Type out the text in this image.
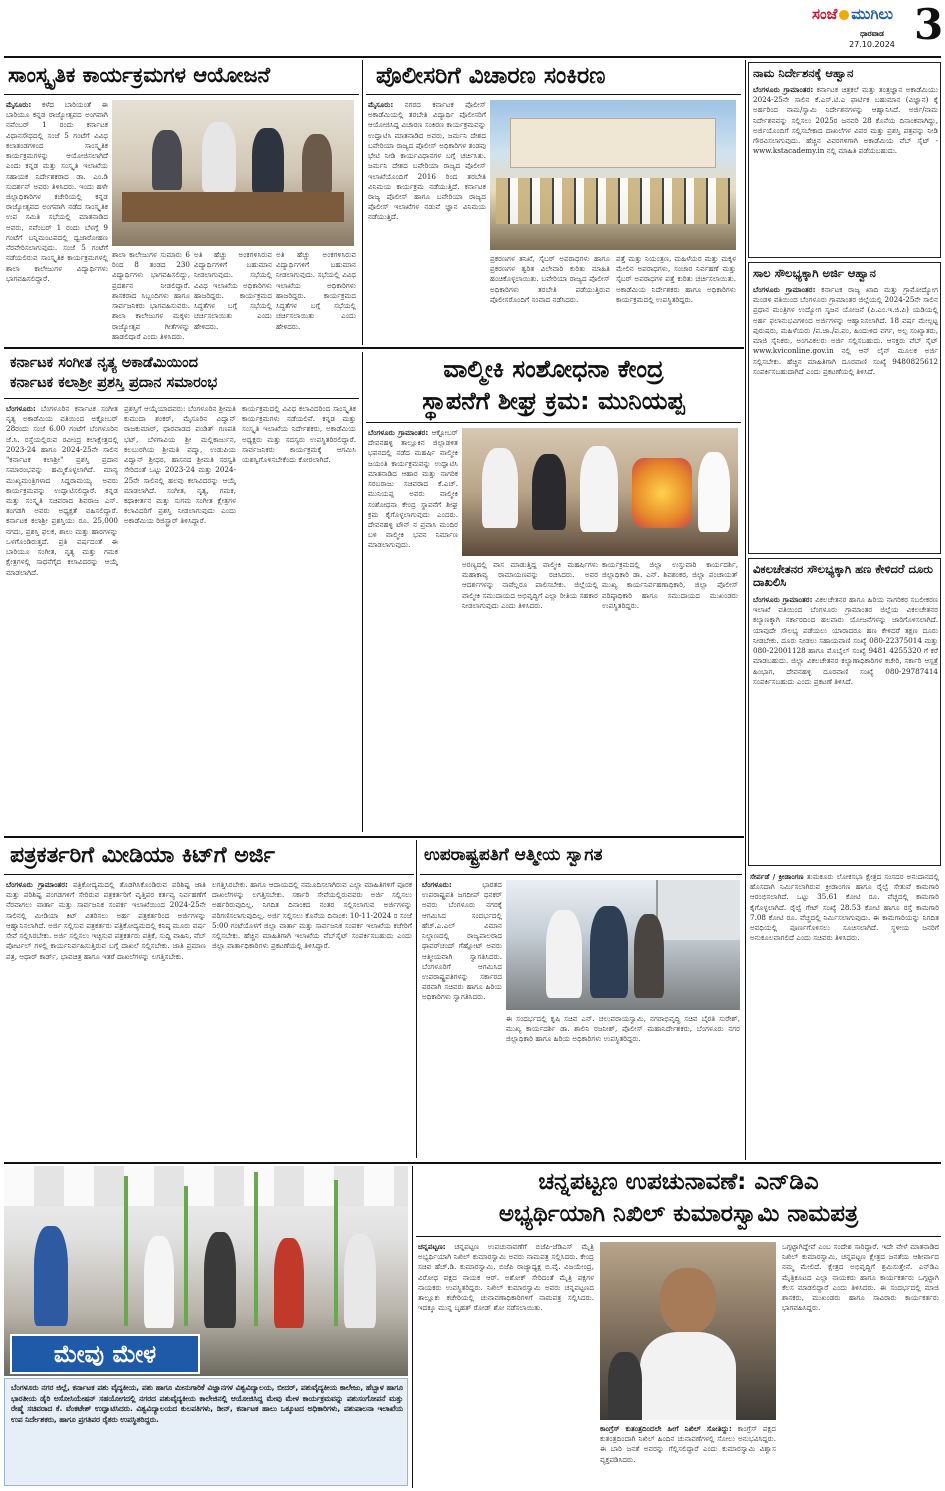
ಸಂಜೆ ಮುಗಿಲು
ಧಾರವಾಡ
27.10.2024 3
ಸಾಂಸ್ಕೃತಿಕ ಕಾರ್ಯಕ್ರಮಗಳ ಆಯೋಜನೆ
ಮೈಸೂರು: ಕಳೆದ ಬಾರಿಯಂತೆ ಈ ಬಾರಿಯೂ ಕನ್ನಡ ರಾಜ್ಯೋತ್ಸವದ ಅಂಗವಾಗಿ ನವೆಂಬರ್ 1 ರಂದು ಕರ್ನಾಟಕ ವಿಧಾನಸೌಧದಲ್ಲಿ ಸಂಜೆ 5 ಗಂಟೆಗೆ ವಿವಿಧ ಕಲಾತಂಡಗಳಿಂದ ಸಾಂಸ್ಕೃತಿಕ ಕಾರ್ಯಕ್ರಮಗಳನ್ನು ಆಯೋಜಿಸಲಾಗಿದೆ ಎಂದು ಕನ್ನಡ ಮತ್ತು ಸಂಸ್ಕೃತಿ ಇಲಾಖೆಯ ಸಹಾಯಕ ನಿರ್ದೇಶಕರಾದ ಡಾ. ಎಂ.ಡಿ ಸುದರ್ಶನ್ ಅವರು ತಿಳಿಸಿದರು. ಇಂದು ಹಳೇ ಜಿಲ್ಲಾಧಿಕಾರಿಗಳ ಕಚೇರಿಯಲ್ಲಿ ಕನ್ನಡ ರಾಜ್ಯೋತ್ಸವದ ಅಂಗವಾಗಿ ನಡೆದ ಸಾಂಸ್ಕೃತಿಕ ಉಪ ಸಮಿತಿ ಸಭೆಯಲ್ಲಿ ಮಾತನಾಡಿದ ಅವರು, ನವೆಂಬರ್ 1 ರಂದು ಬೆಳಗ್ಗೆ 9 ಗಂಟೆಗೆ ಬನ್ನಿಮಂಟಪದಲ್ಲಿ ಧ್ವಜಾರೋಹಣ ನೆರವೇರಿಸಲಾಗುವುದು. ಸಂಜೆ 5 ಗಂಟೆಗೆ ನಡೆಯಲಿರುವ ಸಾಂಸ್ಕೃತಿಕ ಕಾರ್ಯಕ್ರಮಗಳಲ್ಲಿ ಶಾಲಾ ಕಾಲೇಜುಗಳ ವಿದ್ಯಾರ್ಥಿಗಳು ಭಾಗವಹಿಸಲಿದ್ದಾರೆ.
ಶಾಲಾ ಕಾಲೇಜುಗಳ ಸುಮಾರು 6 ರಿಂದ 8 ತಂಡದ 230 ವಿದ್ಯಾರ್ಥಿಗಳು ಭಾಗವಹಿಸಲಿದ್ದು, ಪ್ರದರ್ಶನ ನೀಡಲಿದ್ದಾರೆ. ಶಾಸಕರಾದ ಸಿಬ್ಬಂದಿಗಳು ಹಾಗೂ ಸಾರ್ವಜನಿಕರು ಭಾಗವಹಿಸುವರು. ಶಾಲಾ ಕಾಲೇಜುಗಳ ಮಕ್ಕಳು ರಾಜ್ಯೋತ್ಸವ ಗೀತೆಗಳನ್ನು ಹಾಡಲಿದ್ದಾರೆ ಎಂದು ತಿಳಿಸಿದರು.
ಅತಿ ಹೆಚ್ಚು ಅಂಕಗಳಿಸಿರುವ ವಿದ್ಯಾರ್ಥಿಗಳಿಗೆ ಬಹುಮಾನ ನೀಡಲಾಗುವುದು. ಸಭೆಯಲ್ಲಿ ವಿವಿಧ ಇಲಾಖೆಯ ಅಧಿಕಾರಿಗಳು ಹಾಜರಿದ್ದರು. ಕಾರ್ಯಕ್ರಮದ ಸಿದ್ಧತೆಗಳ ಬಗ್ಗೆ ಸಭೆಯಲ್ಲಿ ಚರ್ಚಿಸಲಾಯಿತು ಎಂದು ಹೇಳಿದರು.
ಅತಿ ಹೆಚ್ಚು ಅಂಕಗಳಿಸಿರುವ ವಿದ್ಯಾರ್ಥಿಗಳಿಗೆ ಬಹುಮಾನ ನೀಡಲಾಗುವುದು. ಸಭೆಯಲ್ಲಿ ವಿವಿಧ ಇಲಾಖೆಯ ಅಧಿಕಾರಿಗಳು ಹಾಜರಿದ್ದರು. ಕಾರ್ಯಕ್ರಮದ ಸಿದ್ಧತೆಗಳ ಬಗ್ಗೆ ಸಭೆಯಲ್ಲಿ ಚರ್ಚಿಸಲಾಯಿತು ಎಂದು ಹೇಳಿದರು.
ಪೊಲೀಸರಿಗೆ ವಿಚಾರಣ ಸಂಕಿರಣ
ಮೈಸೂರು: ನಗರದ ಕರ್ನಾಟಕ ಪೊಲೀಸ್ ಅಕಾಡೆಮಿಯಲ್ಲಿ ತರಬೇತಿ ವಿದ್ಯಾರ್ಥಿ ಪೊಲೀಸರಿಗೆ ಆಯೋಜಿಸಿದ್ದ ವಿಚಾರಣ ಸಂಕಿರಣ ಕಾರ್ಯಕ್ರಮವನ್ನು ಉದ್ಘಾಟಿಸಿ ಮಾತನಾಡಿದ ಅವರು, ಜರ್ಮನಿ ದೇಶದ ಬವೇರಿಯಾ ರಾಜ್ಯದ ಪೊಲೀಸ್ ಅಧಿಕಾರಿಗಳ ತಂಡವು ಭೇಟಿ ನೀಡಿ ಕಾರ್ಯವಿಧಾನಗಳ ಬಗ್ಗೆ ಚರ್ಚಿಸಿತು. ಜರ್ಮನಿ ದೇಶದ ಬವೇರಿಯಾ ರಾಜ್ಯದ ಪೊಲೀಸ್ ಇಲಾಖೆಯೊಂದಿಗೆ 2016 ರಿಂದ ತರಬೇತಿ ವಿನಿಮಯ ಕಾರ್ಯಕ್ರಮ ನಡೆಯುತ್ತಿದೆ. ಕರ್ನಾಟಕ ರಾಜ್ಯ ಪೊಲೀಸ್ ಹಾಗೂ ಬವೇರಿಯಾ ರಾಜ್ಯದ ಪೊಲೀಸ್ ಇಲಾಖೆಗಳ ನಡುವೆ ಜ್ಞಾನ ವಿನಿಮಯ ನಡೆಯುತ್ತಿದೆ.
ಪ್ರಕರಣಗಳ ತನಿಖೆ, ಸೈಬರ್ ಅಪರಾಧಗಳು ಹಾಗೂ ಪ್ರಕರಣಗಳ ತ್ವರಿತ ವಿಲೇವಾರಿ ಕುರಿತು ಮಾಹಿತಿ ಹಂಚಿಕೊಳ್ಳಲಾಯಿತು. ಬವೇರಿಯಾ ರಾಜ್ಯದ ಪೊಲೀಸ್ ಅಧಿಕಾರಿಗಳು ತರಬೇತಿ ಪಡೆಯುತ್ತಿರುವ ಪೊಲೀಸರೊಂದಿಗೆ ಸಂವಾದ ನಡೆಸಿದರು.
ಪತ್ತೆ ಮತ್ತು ನಿಯಂತ್ರಣ, ಮಹಿಳೆಯರ ಮತ್ತು ಮಕ್ಕಳ ಮೇಲಿನ ಅಪರಾಧಗಳು, ಸಂಚಾರ ನಿರ್ವಹಣೆ ಮತ್ತು ಸೈಬರ್ ಅಪರಾಧಗಳ ಪತ್ತೆ ಕುರಿತು ಚರ್ಚಿಸಲಾಯಿತು. ಅಕಾಡೆಮಿಯ ನಿರ್ದೇಶಕರು ಹಾಗೂ ಅಧಿಕಾರಿಗಳು ಕಾರ್ಯಕ್ರಮದಲ್ಲಿ ಉಪಸ್ಥಿತರಿದ್ದರು.
ನಾಮ ನಿರ್ದೇಶನಕ್ಕೆ ಆಹ್ವಾನ
ಬೆಂಗಳೂರು ಗ್ರಾಮಾಂತರ: ಕರ್ನಾಟಕ ಚಿತ್ರಕಲೆ ಮತ್ತು ತಂತ್ರಜ್ಞಾನ ಅಕಾಡೆಮಿಯು 2024-25ನೇ ಸಾಲಿನ ಕೆ.ಎಸ್.ಟಿ.ಎ ಫಾರ್ಟಿಕ ಬಹುಮಾನ (ವಿಜ್ಞಾನ) ಕ್ಕೆ ಅರ್ಹರಿಂದ ನಾಮ/ಸ್ವಾಮಿ ನಿರ್ದೇಶನಗಳನ್ನು ಆಹ್ವಾನಿಸಿದೆ. ಅರ್ಜಿ/ನಾಮ ನಿರ್ದೇಶನವನ್ನು ಸಲ್ಲಿಸಲು 2025ರ ಜನವರಿ 28 ಕೊನೆಯ ದಿನಾಂಕವಾಗಿದ್ದು, ಅರ್ಜಿಯೊಂದಿಗೆ ಸಲ್ಲಿಸಬೇಕಾದ ದಾಖಲೆಗಳ ವಿವರ ಮತ್ತು ಪ್ರಶಸ್ತಿ ಪತ್ರವನ್ನು ನೀಡಿ ಗೌರವಿಸಲಾಗುವುದು. ಹೆಚ್ಚಿನ ವಿವರಗಳಿಗಾಗಿ ಅಕಾಡೆಮಿಯ ವೆಬ್ ಸೈಟ್ - www.kstacademy.in ನಲ್ಲಿ ಮಾಹಿತಿ ಪಡೆಯಬಹುದು.
ಸಾಲ ಸೌಲಭ್ಯಕ್ಕಾಗಿ ಅರ್ಜಿ ಆಹ್ವಾನ
ಬೆಂಗಳೂರು ಗ್ರಾಮಾಂತರ: ಕರ್ನಾಟಕ ರಾಜ್ಯ ಖಾದಿ ಮತ್ತು ಗ್ರಾಮೋದ್ಯೋಗ ಮಂಡಳಿ ವತಿಯಿಂದ ಬೆಂಗಳೂರು ಗ್ರಾಮಾಂತರ ಜಿಲ್ಲೆಯಲ್ಲಿ 2024-25ನೇ ಸಾಲಿನ ಪ್ರಧಾನ ಮಂತ್ರಿಗಳ ಉದ್ಯೋಗ ಸೃಜನ ಯೋಜನೆ (ಪಿ.ಎಂ.ಇ.ಜಿ.ಪಿ) ಯಡಿಯಲ್ಲಿ ಅರ್ಹ ಫಲಾನುಭವಿಗಳಿಂದ ಅರ್ಜಿಗಳನ್ನು ಆಹ್ವಾನಿಸಲಾಗಿದೆ. 18 ವರ್ಷ ಮೇಲ್ಪಟ್ಟ ಪುರುಷರು, ಮಹಿಳೆಯರು /ಪ.ಜಾ./ಪ.ಪಂ, ಹಿಂದುಳಿದ ವರ್ಗ, ಅಲ್ಪ ಸಂಖ್ಯಾತರು, ಮಾಜಿ ಸೈನಿಕರು, ಅಂಗವಿಕಲರು ಅರ್ಜಿ ಸಲ್ಲಿಸಬಹುದು. ಆಸಕ್ತರು ವೆಬ್ ಸೈಟ್ www.kviconline.gov.in ನಲ್ಲಿ ಆನ್ ಲೈನ್ ಮೂಲಕ ಅರ್ಜಿ ಸಲ್ಲಿಸಬೇಕು. ಹೆಚ್ಚಿನ ಮಾಹಿತಿಗಾಗಿ ದೂರವಾಣಿ ಸಂಖ್ಯೆ 9480825612 ಸಂಪರ್ಕಿಸಬಹುದಾಗಿದೆ ಎಂದು ಪ್ರಕಟಣೆಯಲ್ಲಿ ತಿಳಿಸಿದೆ.
ವಿಕಲಚೇತನರ ಸೌಲಭ್ಯಕ್ಕಾಗಿ ಹಣ ಕೇಳಿದರೆ ದೂರು ದಾಖಲಿಸಿ
ಬೆಂಗಳೂರು ಗ್ರಾಮಾಂತರ: ವಿಕಲಚೇತನರ ಹಾಗೂ ಹಿರಿಯ ನಾಗರಿಕರ ಸಬಲೀಕರಣ ಇಲಾಖೆ ವತಿಯಿಂದ ಬೆಂಗಳೂರು ಗ್ರಾಮಾಂತರ ಜಿಲ್ಲೆಯ ವಿಕಲಚೇತನರ ಕಲ್ಯಾಣಕ್ಕಾಗಿ ಸರ್ಕಾರದಿಂದ ಹಲವಾರು ಯೋಜನೆಗಳನ್ನು ಜಾರಿಗೊಳಿಸಲಾಗಿದೆ. ಯಾವುದೇ ಸೌಲಭ್ಯ ಪಡೆಯಲು ಯಾರಾದರೂ ಹಣ ಕೇಳಿದರೆ ತಕ್ಷಣ ದೂರು ನೀಡಬೇಕು. ದೂರು ನೀಡಲು ಸಹಾಯವಾಣಿ ಸಂಖ್ಯೆ 080-22375014 ಮತ್ತು 080-22001128 ಹಾಗೂ ಮೊಬೈಲ್ ಸಂಖ್ಯೆ 9481 4255320 ಗೆ ಕರೆ ಮಾಡಬಹುದು. ಜಿಲ್ಲಾ ವಿಕಲಚೇತನರ ಕಲ್ಯಾಣಾಧಿಕಾರಿಗಳ ಕಚೇರಿ, ಸರ್ಕಾರಿ ಆಸ್ಪತ್ರೆ ಹಿಂಭಾಗ, ದೇವನಹಳ್ಳಿ ದೂರವಾಣಿ ಸಂಖ್ಯೆ 080-29787414 ಸಂಪರ್ಕಿಸಬಹುದು ಎಂದು ಪ್ರಕಟಣೆ ತಿಳಿಸಿದೆ.
ಸೇರ್ಪಡೆ / ಕ್ರೀಡಾಂಗಣ ತುಮಕೂರು ಲೋಕಸಭಾ ಕ್ಷೇತ್ರದ ಸಂಸದರ ಅನುದಾನದಲ್ಲಿ ಹೊಸದಾಗಿ ನಿರ್ಮಿಸಲಾಗಿರುವ ಕ್ರೀಡಾಂಗಣ ಹಾಗೂ ರೈಲ್ವೆ ಸೇತುವೆ ಕಾಮಗಾರಿ ಆರಂಭಿಸಲಾಗಿದೆ. ಒಟ್ಟು 35.61 ಕೋಟಿ ರೂ. ವೆಚ್ಚದಲ್ಲಿ ಕಾಮಗಾರಿ ಕೈಗೊಳ್ಳಲಾಗಿದೆ. ರೈಲ್ವೆ ಗೇಟ್ ಸಂಖ್ಯೆ 28.53 ಕೋಟಿ ಹಾಗೂ ರಸ್ತೆ ಕಾಮಗಾರಿ 7.08 ಕೋಟಿ ರೂ. ವೆಚ್ಚದಲ್ಲಿ ನಿರ್ಮಿಸಲಾಗುವುದು. ಈ ಕಾಮಗಾರಿಯನ್ನು ನಿಗದಿತ ಅವಧಿಯಲ್ಲಿ ಪೂರ್ಣಗೊಳಿಸಲು ಸೂಚಿಸಲಾಗಿದೆ. ಸ್ಥಳೀಯ ಜನರಿಗೆ ಅನುಕೂಲವಾಗಲಿದೆ ಎಂದು ಸಚಿವರು ತಿಳಿಸಿದರು.
ಕರ್ನಾಟಕ ಸಂಗೀತ ನೃತ್ಯ ಅಕಾಡೆಮಿಯಿಂದ
ಕರ್ನಾಟಕ ಕಲಾಶ್ರೀ ಪ್ರಶಸ್ತಿ ಪ್ರದಾನ ಸಮಾರಂಭ
ಬೆಂಗಳೂರು: ಬೆಂಗಳೂರಿನ ಕರ್ನಾಟಕ ಸಂಗೀತ ನೃತ್ಯ ಅಕಾಡೆಮಿಯ ವತಿಯಿಂದ ಅಕ್ಟೋಬರ್ 28ರಂದು ಸಂಜೆ 6.00 ಗಂಟೆಗೆ ಬೆಂಗಳೂರಿನ ಜೆ.ಸಿ. ರಸ್ತೆಯಲ್ಲಿರುವ ರವೀಂದ್ರ ಕಲಾಕ್ಷೇತ್ರದಲ್ಲಿ 2023-24 ಹಾಗೂ 2024-25ನೇ ಸಾಲಿನ "ಕರ್ನಾಟಕ ಕಲಾಶ್ರೀ" ಪ್ರಶಸ್ತಿ ಪ್ರದಾನ ಸಮಾರಂಭವನ್ನು ಹಮ್ಮಿಕೊಳ್ಳಲಾಗಿದೆ. ಮಾನ್ಯ ಮುಖ್ಯಮಂತ್ರಿಗಳಾದ ಸಿದ್ದರಾಮಯ್ಯ ಅವರು ಕಾರ್ಯಕ್ರಮವನ್ನು ಉದ್ಘಾಟಿಸಲಿದ್ದಾರೆ. ಕನ್ನಡ ಮತ್ತು ಸಂಸ್ಕೃತಿ ಸಚಿವರಾದ ಶಿವರಾಜ ಎಸ್. ತಂಗಡಗಿ ಅವರು ಅಧ್ಯಕ್ಷತೆ ವಹಿಸಲಿದ್ದಾರೆ. ಕರ್ನಾಟಕ ಕಲಾಶ್ರೀ ಪ್ರಶಸ್ತಿಯು ರೂ. 25,000 ನಗದು, ಪ್ರಶಸ್ತಿ ಫಲಕ, ಶಾಲು ಮತ್ತು ಹಾರಗಳನ್ನು ಒಳಗೊಂಡಿರುತ್ತದೆ. ಪ್ರತಿ ವರ್ಷದಂತೆ ಈ ಬಾರಿಯೂ ಸಂಗೀತ, ನೃತ್ಯ ಮತ್ತು ಗಮಕ ಕ್ಷೇತ್ರಗಳಲ್ಲಿ ಸಾಧನೆಗೈದ ಕಲಾವಿದರನ್ನು ಆಯ್ಕೆ ಮಾಡಲಾಗಿದೆ.
ಪ್ರಶಸ್ತಿಗೆ ಆಯ್ಕೆಯಾದವರು: ಬೆಂಗಳೂರಿನ ಶ್ರೀಮತಿ ಕುಮುದಾ ಶಂಕರ್, ಮೈಸೂರಿನ ವಿದ್ವಾನ್ ರಾಜಕುಮಾರ್, ಧಾರವಾಡದ ಪಂಡಿತ್ ಗಣಪತಿ ಭಟ್, ಬೆಳಗಾವಿಯ ಶ್ರೀ ಮಲ್ಲಿಕಾರ್ಜುನ, ಕಲಬುರಗಿಯ ಶ್ರೀಮತಿ ಪದ್ಮಾ, ಉಡುಪಿಯ ವಿದ್ವಾನ್ ಶ್ರೀಧರ, ಹಾಸನದ ಶ್ರೀಮತಿ ಸರಸ್ವತಿ ಸೇರಿದಂತೆ ಒಟ್ಟು 2023-24 ಮತ್ತು 2024-25ನೇ ಸಾಲಿನಲ್ಲಿ ಹಲವು ಕಲಾವಿದರನ್ನು ಆಯ್ಕೆ ಮಾಡಲಾಗಿದೆ. ಸಂಗೀತ, ನೃತ್ಯ, ಗಮಕ, ಕಥಾಕೀರ್ತನ ಮತ್ತು ಸುಗಮ ಸಂಗೀತ ಕ್ಷೇತ್ರಗಳ ಕಲಾವಿದರಿಗೆ ಪ್ರಶಸ್ತಿ ನೀಡಲಾಗುವುದು ಎಂದು ಅಕಾಡೆಮಿಯ ರಿಜಿಸ್ಟ್ರಾರ್ ತಿಳಿಸಿದ್ದಾರೆ.
ಕಾರ್ಯಕ್ರಮದಲ್ಲಿ ವಿವಿಧ ಕಲಾವಿದರಿಂದ ಸಾಂಸ್ಕೃತಿಕ ಕಾರ್ಯಕ್ರಮಗಳು ನಡೆಯಲಿವೆ. ಕನ್ನಡ ಮತ್ತು ಸಂಸ್ಕೃತಿ ಇಲಾಖೆಯ ನಿರ್ದೇಶಕರು, ಅಕಾಡೆಮಿಯ ಅಧ್ಯಕ್ಷರು ಮತ್ತು ಸದಸ್ಯರು ಉಪಸ್ಥಿತರಿರಲಿದ್ದಾರೆ. ಸಾರ್ವಜನಿಕರು ಕಾರ್ಯಕ್ರಮಕ್ಕೆ ಆಗಮಿಸಿ ಯಶಸ್ವಿಗೊಳಿಸಬೇಕೆಂದು ಕೋರಲಾಗಿದೆ.
ವಾಲ್ಮೀಕಿ ಸಂಶೋಧನಾ ಕೇಂದ್ರ
ಸ್ಥಾಪನೆಗೆ ಶೀಘ್ರ ಕ್ರಮ: ಮುನಿಯಪ್ಪ
ಬೆಂಗಳೂರು ಗ್ರಾಮಾಂತರ: ಆಕ್ಟೋಬರ್ ದೇವನಹಳ್ಳಿ ತಾಲ್ಲೂಕಿನ ಜಿಲ್ಲಾಡಳಿತ ಭವನದಲ್ಲಿ ನಡೆದ ಮಹರ್ಷಿ ವಾಲ್ಮೀಕಿ ಜಯಂತಿ ಕಾರ್ಯಕ್ರಮವನ್ನು ಉದ್ಘಾಟಿಸಿ ಮಾತನಾಡಿದ ಆಹಾರ ಮತ್ತು ನಾಗರಿಕ ಸರಬರಾಜು ಸಚಿವರಾದ ಕೆ.ಎಚ್. ಮುನಿಯಪ್ಪ ಅವರು ವಾಲ್ಮೀಕಿ ಸಂಶೋಧನಾ ಕೇಂದ್ರ ಸ್ಥಾಪನೆಗೆ ಶೀಘ್ರ ಕ್ರಮ ಕೈಗೊಳ್ಳಲಾಗುವುದು ಎಂದರು. ದೇವನಹಳ್ಳಿ ಟೌನ್ ನ ಪ್ರವಾಸಿ ಮಂದಿರ ಬಳಿ ವಾಲ್ಮೀಕಿ ಭವನ ನಿರ್ಮಾಣ ಮಾಡಲಾಗುವುದು.
ಅರಣ್ಯದಲ್ಲಿ ವಾಸ ಮಾಡುತ್ತಿದ್ದ ವಾಲ್ಮೀಕಿ ಮಹರ್ಷಿಗಳು ಮಹಾಕಾವ್ಯ ರಾಮಾಯಣವನ್ನು ರಚಿಸಿದರು. ಅವರ ಆದರ್ಶಗಳನ್ನು ನಾವೆಲ್ಲರೂ ಪಾಲಿಸಬೇಕು. ಜಿಲ್ಲೆಯಲ್ಲಿ ವಾಲ್ಮೀಕಿ ಸಮುದಾಯದ ಅಭಿವೃದ್ಧಿಗೆ ಎಲ್ಲಾ ರೀತಿಯ ಸಹಕಾರ ನೀಡಲಾಗುವುದು ಎಂದು ತಿಳಿಸಿದರು.
ಕಾರ್ಯಕ್ರಮದಲ್ಲಿ ಜಿಲ್ಲಾ ಉಸ್ತುವಾರಿ ಕಾರ್ಯದರ್ಶಿ, ಜಿಲ್ಲಾಧಿಕಾರಿ ಡಾ. ಎನ್. ಶಿವಶಂಕರ, ಜಿಲ್ಲಾ ಪಂಚಾಯತ್ ಮುಖ್ಯ ಕಾರ್ಯನಿರ್ವಹಣಾಧಿಕಾರಿ, ಜಿಲ್ಲಾ ಪೊಲೀಸ್ ವರಿಷ್ಠಾಧಿಕಾರಿ ಹಾಗೂ ಸಮುದಾಯದ ಮುಖಂಡರು ಉಪಸ್ಥಿತರಿದ್ದರು.
ಪತ್ರಕರ್ತರಿಗೆ ಮೀಡಿಯಾ ಕಿಟ್‌ಗೆ ಅರ್ಜಿ
ಬೆಂಗಳೂರು ಗ್ರಾಮಾಂತರ: ಪತ್ರಿಕೋದ್ಯಮದಲ್ಲಿ ತೊಡಗಿಸಿಕೊಂಡಿರುವ ಪರಿಶಿಷ್ಟ ಜಾತಿ ಮತ್ತು ಪರಿಶಿಷ್ಟ ಪಂಗಡಗಳಿಗೆ ಸೇರಿರುವ ಪತ್ರಕರ್ತರಿಗೆ ವೃತ್ತಿಪರ ಕರ್ತವ್ಯ ನಿರ್ವಹಣೆಗೆ ನೆರವಾಗಲು ವಾರ್ತಾ ಮತ್ತು ಸಾರ್ವಜನಿಕ ಸಂಪರ್ಕ ಇಲಾಖೆಯಿಂದ 2024-25ನೇ ಸಾಲಿನಲ್ಲಿ ಮೀಡಿಯಾ ಕಿಟ್ ವಿತರಿಸಲು ಅರ್ಹ ಪತ್ರಕರ್ತರಿಂದ ಅರ್ಜಿಗಳನ್ನು ಆಹ್ವಾನಿಸಲಾಗಿದೆ. ಅರ್ಜಿ ಸಲ್ಲಿಸುವ ಪತ್ರಕರ್ತರು ಪತ್ರಿಕೋದ್ಯಮದಲ್ಲಿ ಕನಿಷ್ಠ ಮೂರು ವರ್ಷ ಸೇವೆ ಸಲ್ಲಿಸಿರಬೇಕು. ಅರ್ಜಿ ಸಲ್ಲಿಸಲು ಇಚ್ಛಿಸುವ ಪತ್ರಕರ್ತರು ಪತ್ರಿಕೆ, ಸುದ್ದಿ ವಾಹಿನಿ, ವೆಬ್ ಪೋರ್ಟಲ್ ಗಳಲ್ಲಿ ಕಾರ್ಯನಿರ್ವಹಿಸುತ್ತಿರುವ ಬಗ್ಗೆ ದಾಖಲೆ ಸಲ್ಲಿಸಬೇಕು. ಜಾತಿ ಪ್ರಮಾಣ ಪತ್ರ, ಆಧಾರ್ ಕಾರ್ಡ್, ಭಾವಚಿತ್ರ ಹಾಗೂ ಇತರೆ ದಾಖಲೆಗಳನ್ನು ಲಗತ್ತಿಸಬೇಕು.
ಲಗತ್ತಿಸಿರಬೇಕು. ಹಾಗೂ ಆದಾಯದಲ್ಲಿ ನಮೂದಿಸಲಾಗಿರುವ ಎಲ್ಲಾ ಮಾಹಿತಿಗಳಿಗೆ ಪೂರಕ ದಾಖಲೆಗಳನ್ನು ಲಗತ್ತಿಸಬೇಕು. ಸರ್ಕಾರಿ ಸೇವೆಯಲ್ಲಿರುವವರು ಅರ್ಜಿ ಸಲ್ಲಿಸಲು ಅರ್ಹರಿರುವುದಿಲ್ಲ. ನಿಗದಿತ ದಿನಾಂಕದ ನಂತರ ಸಲ್ಲಿಸಲಾಗುವ ಅರ್ಜಿಗಳನ್ನು ಪರಿಗಣಿಸಲಾಗುವುದಿಲ್ಲ. ಅರ್ಜಿ ಸಲ್ಲಿಸಲು ಕೊನೆಯ ದಿನಾಂಕ: 10-11-2024 ರ ಸಂಜೆ 5:00 ಗಂಟೆಯೊಳಗೆ ಜಿಲ್ಲಾ ವಾರ್ತಾ ಮತ್ತು ಸಾರ್ವಜನಿಕ ಸಂಪರ್ಕ ಇಲಾಖೆಯ ಕಚೇರಿಗೆ ಸಲ್ಲಿಸಬೇಕು. ಹೆಚ್ಚಿನ ಮಾಹಿತಿಗಾಗಿ ಇಲಾಖೆಯ ವೆಬ್‌ಸೈಟ್ ಸಂಪರ್ಕಿಸಬಹುದು ಎಂದು ಜಿಲ್ಲಾ ವಾರ್ತಾಧಿಕಾರಿಗಳು ಪ್ರಕಟಣೆಯಲ್ಲಿ ತಿಳಿಸಿದ್ದಾರೆ.
ಉಪರಾಷ್ಟ್ರಪತಿಗೆ ಆತ್ಮೀಯ ಸ್ವಾಗತ
ಬೆಂಗಳೂರು:	ಭಾರತದ ಉಪರಾಷ್ಟ್ರಪತಿ ಜಗದೀಪ್ ಧನಕರ್ ಅವರು ಬೆಂಗಳೂರು ನಗರಕ್ಕೆ ಆಗಮಿಸಿದ ಸಂದರ್ಭದಲ್ಲಿ ಹೆಚ್.ಎ.ಎಲ್ ವಿಮಾನ ನಿಲ್ದಾಣದಲ್ಲಿ ರಾಜ್ಯಪಾಲರಾದ ಥಾವರ್‌ಚಂದ್ ಗೆಹ್ಲೋಟ್ ಅವರು ಆತ್ಮೀಯವಾಗಿ ಸ್ವಾಗತಿಸಿದರು. ಬೆಂಗಳೂರಿಗೆ ಆಗಮಿಸಿದ ಉಪರಾಷ್ಟ್ರಪತಿಗಳನ್ನು ಸರ್ಕಾರದ ಪರವಾಗಿ ಸಚಿವರು ಹಾಗೂ ಹಿರಿಯ ಅಧಿಕಾರಿಗಳು ಸ್ವಾಗತಿಸಿದರು.
ಈ ಸಂದರ್ಭದಲ್ಲಿ ಕೃಷಿ ಸಚಿವ ಎನ್. ಚಲುವರಾಯಸ್ವಾಮಿ, ನಗರಾಭಿವೃದ್ಧಿ ಸಚಿವ ಬೈರತಿ ಸುರೇಶ್, ಮುಖ್ಯ ಕಾರ್ಯದರ್ಶಿ ಡಾ. ಶಾಲಿನಿ ರಜನೀಶ್, ಪೊಲೀಸ್ ಮಹಾನಿರ್ದೇಶಕರು, ಬೆಂಗಳೂರು ನಗರ ಜಿಲ್ಲಾಧಿಕಾರಿ ಹಾಗೂ ಹಿರಿಯ ಅಧಿಕಾರಿಗಳು ಉಪಸ್ಥಿತರಿದ್ದರು.
ಮೇವು ಮೇಳ
ಬೆಂಗಳೂರು ನಗರ ಜಿಲ್ಲೆ, ಕರ್ನಾಟಕ ಪಶು ವೈದ್ಯಕೀಯ, ಪಶು ಹಾಗೂ ಮೀನುಗಾರಿಕೆ ವಿಜ್ಞಾನಗಳ ವಿಶ್ವವಿದ್ಯಾಲಯ, ಬೀದರ್, ಪಶುವೈದ್ಯಕೀಯ ಕಾಲೇಜು, ಹೆಬ್ಬಾಳ ಹಾಗೂ ಭಾರತೀಯ ಡೈರಿ ಅಸೋಸಿಯೇಷನ್ ಸಹಯೋಗದಲ್ಲಿ ನಗರದ ಪಶುವೈದ್ಯಕೀಯ ಕಾಲೇಜಿನಲ್ಲಿ ಆಯೋಜಿಸಿದ್ದ ಮೇವು ಮೇಳ ಕಾರ್ಯಕ್ರಮವನ್ನು ಪಶುಸಂಗೋಪನೆ ಮತ್ತು ರೇಷ್ಮೆ ಸಚಿವರಾದ ಕೆ. ವೆಂಕಟೇಶ್ ಉದ್ಘಾಟಿಸಿದರು. ವಿಶ್ವವಿದ್ಯಾಲಯದ ಕುಲಪತಿಗಳು, ಡೀನ್, ಕರ್ನಾಟಕ ಹಾಲು ಒಕ್ಕೂಟದ ಅಧಿಕಾರಿಗಳು, ಪಶುಪಾಲನಾ ಇಲಾಖೆಯ ಉಪ ನಿರ್ದೇಶಕರು, ಹಾಗೂ ಪ್ರಗತಿಪರ ರೈತರು ಉಪಸ್ಥಿತರಿದ್ದರು.
ಚನ್ನಪಟ್ಟಣ ಉಪಚುನಾವಣೆ: ಎನ್‌ಡಿಎ
ಅಭ್ಯರ್ಥಿಯಾಗಿ ನಿಖಿಲ್ ಕುಮಾರಸ್ವಾಮಿ ನಾಮಪತ್ರ
ಚನ್ನಪಟ್ಟಣ: ಚನ್ನಪಟ್ಟಣ ಉಪಚುನಾವಣೆಗೆ ಬಿಜೆಪಿ-ಜೆಡಿಎಸ್ ಮೈತ್ರಿ ಅಭ್ಯರ್ಥಿಯಾಗಿ ನಿಖಿಲ್ ಕುಮಾರಸ್ವಾಮಿ ಅವರು ನಾಮಪತ್ರ ಸಲ್ಲಿಸಿದರು. ಕೇಂದ್ರ ಸಚಿವ ಹೆಚ್.ಡಿ. ಕುಮಾರಸ್ವಾಮಿ, ಬಿಜೆಪಿ ರಾಜ್ಯಾಧ್ಯಕ್ಷ ಬಿ.ವೈ. ವಿಜಯೇಂದ್ರ, ವಿರೋಧ ಪಕ್ಷದ ನಾಯಕ ಆರ್. ಅಶೋಕ್ ಸೇರಿದಂತೆ ಮೈತ್ರಿ ಪಕ್ಷಗಳ ನಾಯಕರು ಉಪಸ್ಥಿತರಿದ್ದರು. ನಿಖಿಲ್ ಕುಮಾರಸ್ವಾಮಿ ಅವರು ಚನ್ನಪಟ್ಟಣದ ತಾಲ್ಲೂಕು ಕಚೇರಿಯಲ್ಲಿ ಚುನಾವಣಾಧಿಕಾರಿಗಳಿಗೆ ನಾಮಪತ್ರ ಸಲ್ಲಿಸಿದರು. ಇದಕ್ಕೂ ಮುನ್ನ ಬೃಹತ್ ರೋಡ್ ಶೋ ನಡೆಸಲಾಯಿತು.
ಕಾಂಗ್ರೆಸ್ ಕುತಂತ್ರದಿಂದಲೇ ಹೀಗೆ ನಿಖಿಲ್ ಸೋತಿದ್ದು: ಕಾಂಗ್ರೆಸ್ ಪಕ್ಷದ ಕುತಂತ್ರದಿಂದಾಗಿ ನಿಖಿಲ್ ಹಿಂದಿನ ಚುನಾವಣೆಗಳಲ್ಲಿ ಸೋಲು ಅನುಭವಿಸಿದ್ದರು. ಈ ಬಾರಿ ಜನತೆ ಅವರನ್ನು ಗೆಲ್ಲಿಸಲಿದ್ದಾರೆ ಎಂದು ಕುಮಾರಸ್ವಾಮಿ ವಿಶ್ವಾಸ ವ್ಯಕ್ತಪಡಿಸಿದರು.
ಒಗ್ಗಟ್ಟಾಗಿದ್ದೇವೆ ಎಂಬ ಸಂದೇಶ ಸಾರಿದ್ದಾರೆ. ಇದೇ ವೇಳೆ ಮಾತನಾಡಿದ ನಿಖಿಲ್ ಕುಮಾರಸ್ವಾಮಿ, ಚನ್ನಪಟ್ಟಣ ಕ್ಷೇತ್ರದ ಜನತೆಯ ಆಶೀರ್ವಾದ ನಮ್ಮ ಮೇಲಿದೆ. ಕ್ಷೇತ್ರದ ಅಭಿವೃದ್ಧಿಗೆ ಶ್ರಮಿಸುತ್ತೇನೆ. ಎನ್‌ಡಿಎ ಮೈತ್ರಿಕೂಟದ ಎಲ್ಲಾ ನಾಯಕರು ಹಾಗೂ ಕಾರ್ಯಕರ್ತರು ಒಗ್ಗಟ್ಟಾಗಿ ಕೆಲಸ ಮಾಡಲಿದ್ದಾರೆ ಎಂದು ತಿಳಿಸಿದರು. ಈ ಸಂದರ್ಭದಲ್ಲಿ ಮಾಜಿ ಶಾಸಕರು, ಮುಖಂಡರು ಹಾಗೂ ಸಾವಿರಾರು ಕಾರ್ಯಕರ್ತರು ಭಾಗವಹಿಸಿದ್ದರು.
